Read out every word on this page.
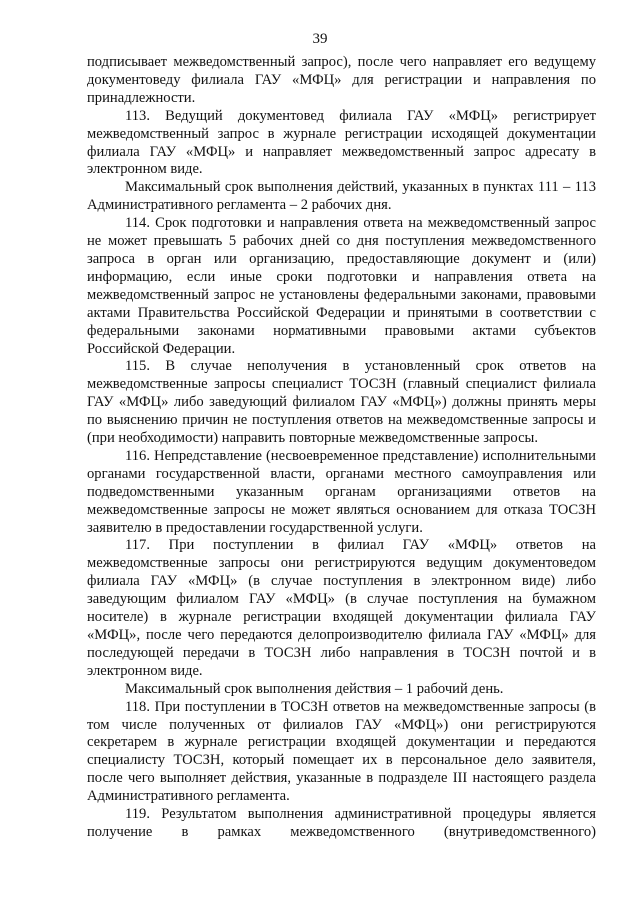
39

подписывает межведомственный запрос), после чего направляет его ведущему документоведу филиала ГАУ «МФЦ» для регистрации и направления по принадлежности.

113. Ведущий документовед филиала ГАУ «МФЦ» регистрирует межведомственный запрос в журнале регистрации исходящей документации филиала ГАУ «МФЦ» и направляет межведомственный запрос адресату в электронном виде.

Максимальный срок выполнения действий, указанных в пунктах 111 – 113 Административного регламента – 2 рабочих дня.

114. Срок подготовки и направления ответа на межведомственный запрос не может превышать 5 рабочих дней со дня поступления межведомственного запроса в орган или организацию, предоставляющие документ и (или) информацию, если иные сроки подготовки и направления ответа на межведомственный запрос не установлены федеральными законами, правовыми актами Правительства Российской Федерации и принятыми в соответствии с федеральными законами нормативными правовыми актами субъектов Российской Федерации.

115. В случае неполучения в установленный срок ответов на межведомственные запросы специалист ТОСЗН (главный специалист филиала ГАУ «МФЦ» либо заведующий филиалом ГАУ «МФЦ») должны принять меры по выяснению причин не поступления ответов на межведомственные запросы и (при необходимости) направить повторные межведомственные запросы.

116. Непредставление (несвоевременное представление) исполнительными органами государственной власти, органами местного самоуправления или подведомственными указанным органам организациями ответов на межведомственные запросы не может являться основанием для отказа ТОСЗН заявителю в предоставлении государственной услуги.

117. При поступлении в филиал ГАУ «МФЦ» ответов на межведомственные запросы они регистрируются ведущим документоведом филиала ГАУ «МФЦ» (в случае поступления в электронном виде) либо заведующим филиалом ГАУ «МФЦ» (в случае поступления на бумажном носителе) в журнале регистрации входящей документации филиала ГАУ «МФЦ», после чего передаются делопроизводителю филиала ГАУ «МФЦ» для последующей передачи в ТОСЗН либо направления в ТОСЗН почтой и в электронном виде.

Максимальный срок выполнения действия – 1 рабочий день.

118. При поступлении в ТОСЗН ответов на межведомственные запросы (в том числе полученных от филиалов ГАУ «МФЦ») они регистрируются секретарем в журнале регистрации входящей документации и передаются специалисту ТОСЗН, который помещает их в персональное дело заявителя, после чего выполняет действия, указанные в подразделе III настоящего раздела Административного регламента.

119. Результатом выполнения административной процедуры является получение в рамках межведомственного (внутриведомственного)
